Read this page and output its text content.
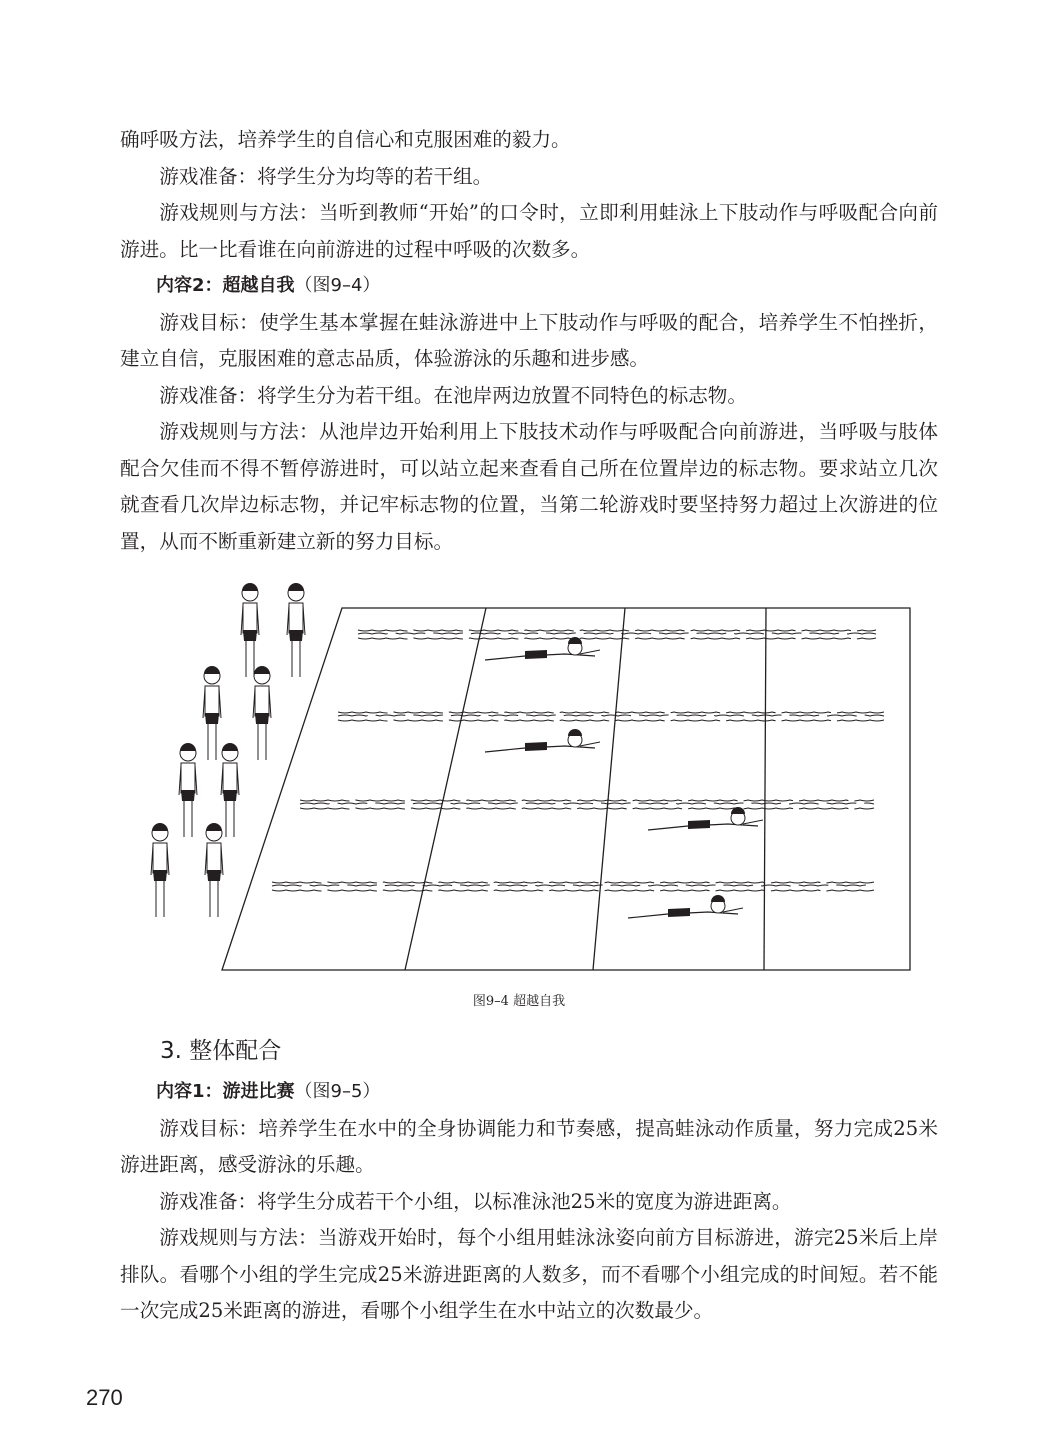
确呼吸方法，培养学生的自信心和克服困难的毅力。

游戏准备：将学生分为均等的若干组。

游戏规则与方法：当听到教师“开始”的口令时，立即利用蛙泳上下肢动作与呼吸配合向前游进。比一比看谁在向前游进的过程中呼吸的次数多。

内容2：超越自我（图9–4）

游戏目标：使学生基本掌握在蛙泳游进中上下肢动作与呼吸的配合，培养学生不怕挫折，建立自信，克服困难的意志品质，体验游泳的乐趣和进步感。

游戏准备：将学生分为若干组。在池岸两边放置不同特色的标志物。

游戏规则与方法：从池岸边开始利用上下肢技术动作与呼吸配合向前游进，当呼吸与肢体配合欠佳而不得不暂停游进时，可以站立起来查看自己所在位置岸边的标志物。要求站立几次就查看几次岸边标志物，并记牢标志物的位置，当第二轮游戏时要坚持努力超过上次游进的位置，从而不断重新建立新的努力目标。

图9–4 超越自我
3. 整体配合

内容1：游进比赛（图9–5）

游戏目标：培养学生在水中的全身协调能力和节奏感，提高蛙泳动作质量，努力完成25米游进距离，感受游泳的乐趣。

游戏准备：将学生分成若干个小组，以标准泳池25米的宽度为游进距离。

游戏规则与方法：当游戏开始时，每个小组用蛙泳泳姿向前方目标游进，游完25米后上岸排队。看哪个小组的学生完成25米游进距离的人数多，而不看哪个小组完成的时间短。若不能一次完成25米距离的游进，看哪个小组学生在水中站立的次数最少。

270
